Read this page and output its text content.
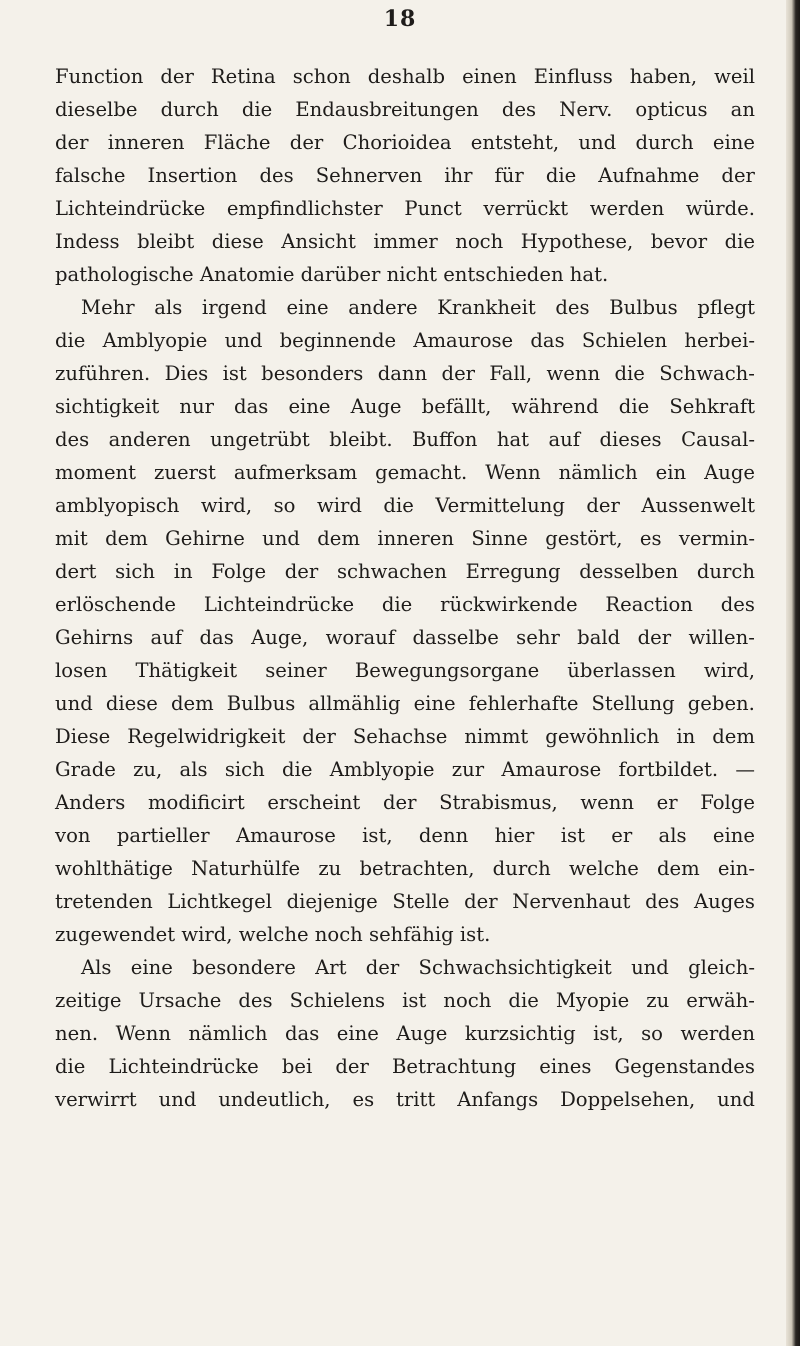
18
Function der Retina schon deshalb einen Einfluss haben, weil
dieselbe durch die Endausbreitungen des Nerv. opticus an
der inneren Fläche der Chorioidea entsteht, und durch eine
falsche Insertion des Sehnerven ihr für die Aufnahme der
Lichteindrücke empfindlichster Punct verrückt werden würde.
Indess bleibt diese Ansicht immer noch Hypothese, bevor die
pathologische Anatomie darüber nicht entschieden hat.
Mehr als irgend eine andere Krankheit des Bulbus pflegt
die Amblyopie und beginnende Amaurose das Schielen herbei-
zuführen. Dies ist besonders dann der Fall, wenn die Schwach-
sichtigkeit nur das eine Auge befällt, während die Sehkraft
des anderen ungetrübt bleibt. Buffon hat auf dieses Causal-
moment zuerst aufmerksam gemacht. Wenn nämlich ein Auge
amblyopisch wird, so wird die Vermittelung der Aussenwelt
mit dem Gehirne und dem inneren Sinne gestört, es vermin-
dert sich in Folge der schwachen Erregung desselben durch
erlöschende Lichteindrücke die rückwirkende Reaction des
Gehirns auf das Auge, worauf dasselbe sehr bald der willen-
losen Thätigkeit seiner Bewegungsorgane überlassen wird,
und diese dem Bulbus allmählig eine fehlerhafte Stellung geben.
Diese Regelwidrigkeit der Sehachse nimmt gewöhnlich in dem
Grade zu, als sich die Amblyopie zur Amaurose fortbildet. —
Anders modificirt erscheint der Strabismus, wenn er Folge
von partieller Amaurose ist, denn hier ist er als eine
wohlthätige Naturhülfe zu betrachten, durch welche dem ein-
tretenden Lichtkegel diejenige Stelle der Nervenhaut des Auges
zugewendet wird, welche noch sehfähig ist.
Als eine besondere Art der Schwachsichtigkeit und gleich-
zeitige Ursache des Schielens ist noch die Myopie zu erwäh-
nen. Wenn nämlich das eine Auge kurzsichtig ist, so werden
die Lichteindrücke bei der Betrachtung eines Gegenstandes
verwirrt und undeutlich, es tritt Anfangs Doppelsehen, und
